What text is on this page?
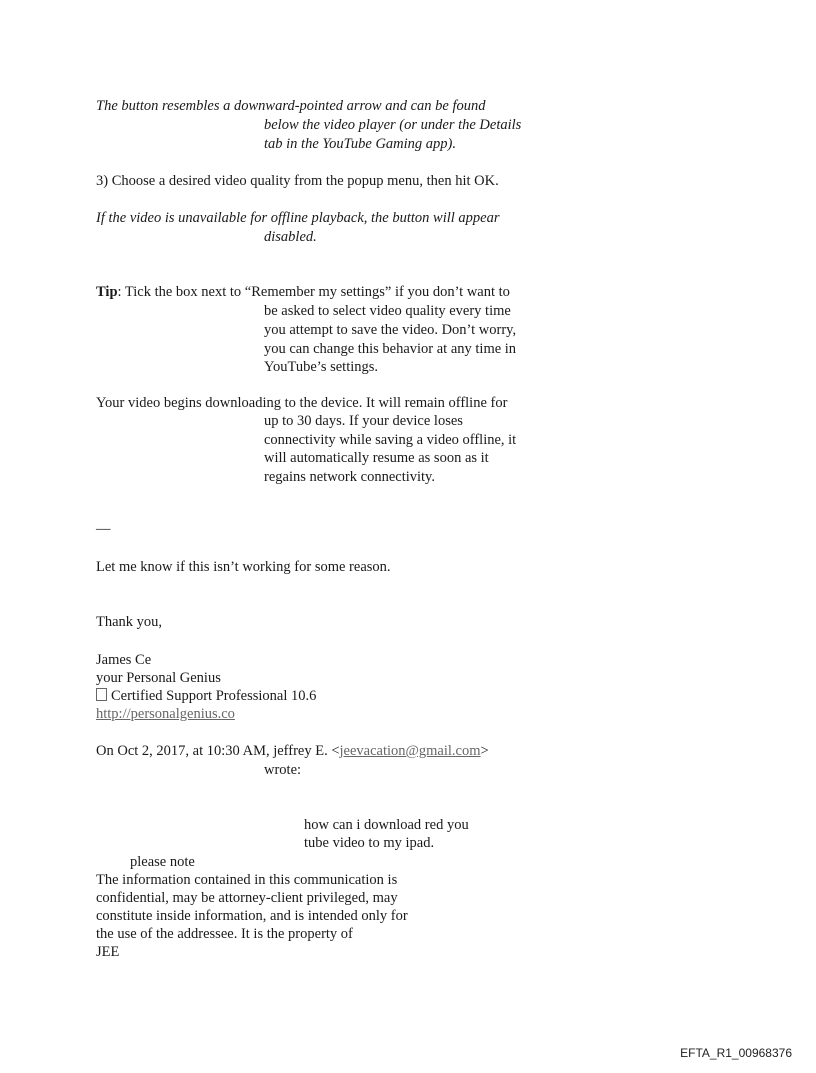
The button resembles a downward-pointed arrow and can be found
below the video player (or under the Details
tab in the YouTube Gaming app).
3) Choose a desired video quality from the popup menu, then hit OK.
If the video is unavailable for offline playback, the button will appear
disabled.
Tip: Tick the box next to “Remember my settings” if you don’t want to
be asked to select video quality every time
you attempt to save the video. Don’t worry,
you can change this behavior at any time in
YouTube’s settings.
Your video begins downloading to the device. It will remain offline for
up to 30 days. If your device loses
connectivity while saving a video offline, it
will automatically resume as soon as it
regains network connectivity.
—
Let me know if this isn’t working for some reason.
Thank you,
James Ce
your Personal Genius
Certified Support Professional 10.6
http://personalgenius.co
On Oct 2, 2017, at 10:30 AM, jeffrey E. <jeevacation@gmail.com>
wrote:
how can i download red you
tube video to my ipad.
please note
The information contained in this communication is
confidential, may be attorney-client privileged, may
constitute inside information, and is intended only for
the use of the addressee. It is the property of
JEE
EFTA_R1_00968376
